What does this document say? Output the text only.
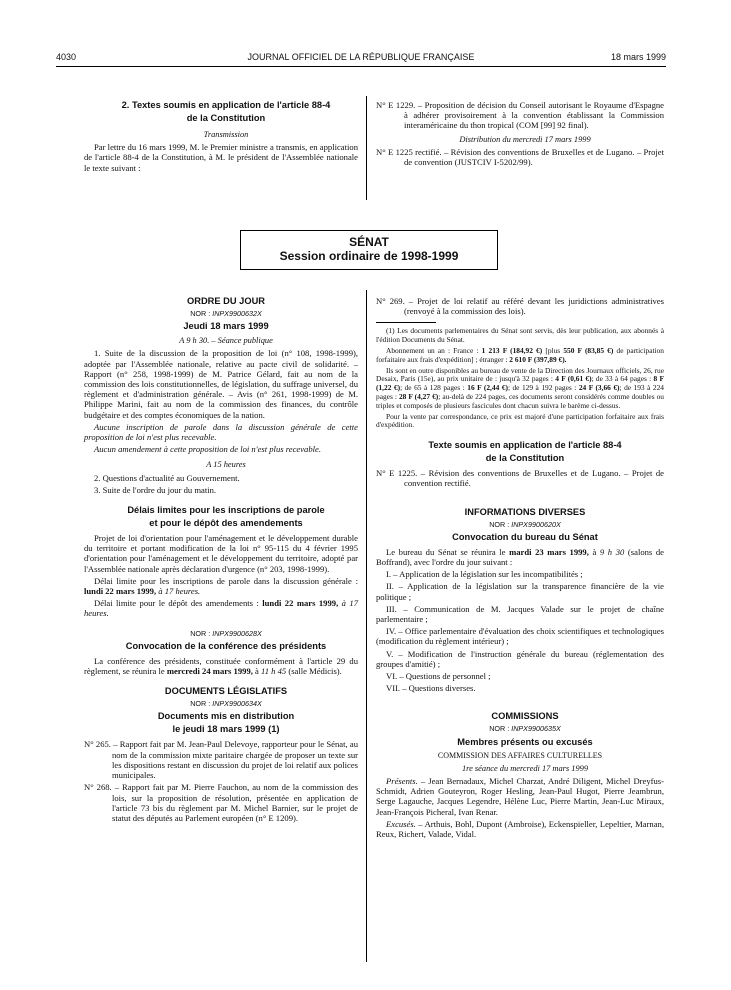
4030	JOURNAL OFFICIEL DE LA RÉPUBLIQUE FRANÇAISE	18 mars 1999

2. Textes soumis en application de l'article 88-4

de la Constitution

Transmission

Par lettre du 16 mars 1999, M. le Premier ministre a transmis, en application de l'article 88-4 de la Constitution, à M. le président de l'Assemblée nationale le texte suivant :

N° E 1229. – Proposition de décision du Conseil autorisant le Royaume d'Espagne à adhérer provisoirement à la convention établissant la Commission interaméricaine du thon tropical (COM [99] 92 final).

Distribution du mercredi 17 mars 1999

N° E 1225 rectifié. – Révision des conventions de Bruxelles et de Lugano. – Projet de convention (JUSTCIV I-5202/99).

SÉNAT
Session ordinaire de 1998-1999

ORDRE DU JOUR

NOR : INPX9900632X

Jeudi 18 mars 1999

A 9 h 30. – Séance publique

1. Suite de la discussion de la proposition de loi (n° 108, 1998-1999), adoptée par l'Assemblée nationale, relative au pacte civil de solidarité. – Rapport (n° 258, 1998-1999) de M. Patrice Gélard, fait au nom de la commission des lois constitutionnelles, de législation, du suffrage universel, du règlement et d'administration générale. – Avis (n° 261, 1998-1999) de M. Philippe Marini, fait au nom de la commission des finances, du contrôle budgétaire et des comptes économiques de la nation.

Aucune inscription de parole dans la discussion générale de cette proposition de loi n'est plus recevable.

Aucun amendement à cette proposition de loi n'est plus recevable.

A 15 heures

2. Questions d'actualité au Gouvernement.

3. Suite de l'ordre du jour du matin.

Délais limites pour les inscriptions de parole

et pour le dépôt des amendements

Projet de loi d'orientation pour l'aménagement et le développement durable du territoire et portant modification de la loi n° 95-115 du 4 février 1995 d'orientation pour l'aménagement et le développement du territoire, adopté par l'Assemblée nationale après déclaration d'urgence (n° 203, 1998-1999).

Délai limite pour les inscriptions de parole dans la discussion générale : lundi 22 mars 1999, à 17 heures.

Délai limite pour le dépôt des amendements : lundi 22 mars 1999, à 17 heures.

NOR : INPX9900628X

Convocation de la conférence des présidents

La conférence des présidents, constituée conformément à l'article 29 du règlement, se réunira le mercredi 24 mars 1999, à 11 h 45 (salle Médicis).

DOCUMENTS LÉGISLATIFS

NOR : INPX9900634X

Documents mis en distribution

le jeudi 18 mars 1999 (1)

N° 265. – Rapport fait par M. Jean-Paul Delevoye, rapporteur pour le Sénat, au nom de la commission mixte paritaire chargée de proposer un texte sur les dispositions restant en discussion du projet de loi relatif aux polices municipales.

N° 268. – Rapport fait par M. Pierre Fauchon, au nom de la commission des lois, sur la proposition de résolution, présentée en application de l'article 73 bis du règlement par M. Michel Barnier, sur le projet de statut des députés au Parlement européen (n° E 1209).

N° 269. – Projet de loi relatif au référé devant les juridictions administratives (renvoyé à la commission des lois).

(1) Les documents parlementaires du Sénat sont servis, dès leur publication, aux abonnés à l'édition Documents du Sénat.

Abonnement un an : France : 1 213 F (184,92 €) [plus 550 F (83,85 €) de participation forfaitaire aux frais d'expédition] ; étranger : 2 610 F (397,89 €).

Ils sont en outre disponibles au bureau de vente de la Direction des Journaux officiels, 26, rue Desaix, Paris (15e), au prix unitaire de : jusqu'à 32 pages : 4 F (0,61 €); de 33 à 64 pages : 8 F (1,22 €); de 65 à 128 pages : 16 F (2,44 €); de 129 à 192 pages : 24 F (3,66 €); de 193 à 224 pages : 28 F (4,27 €); au-delà de 224 pages, ces documents seront considérés comme doubles ou triples et composés de plusieurs fascicules dont chacun suivra le barème ci-dessus.

Pour la vente par correspondance, ce prix est majoré d'une participation forfaitaire aux frais d'expédition.

Texte soumis en application de l'article 88-4

de la Constitution

N° E 1225. – Révision des conventions de Bruxelles et de Lugano. – Projet de convention rectifié.

INFORMATIONS DIVERSES

NOR : INPX9900620X

Convocation du bureau du Sénat

Le bureau du Sénat se réunira le mardi 23 mars 1999, à 9 h 30 (salons de Boffrand), avec l'ordre du jour suivant :

I. – Application de la législation sur les incompatibilités ;

II. – Application de la législation sur la transparence financière de la vie politique ;

III. – Communication de M. Jacques Valade sur le projet de chaîne parlementaire ;

IV. – Office parlementaire d'évaluation des choix scientifiques et technologiques (modification du règlement intérieur) ;

V. – Modification de l'instruction générale du bureau (réglementation des groupes d'amitié) ;

VI. – Questions de personnel ;

VII. – Questions diverses.

COMMISSIONS

NOR : INPX9900635X

Membres présents ou excusés

COMMISSION DES AFFAIRES CULTURELLES

1re séance du mercredi 17 mars 1999

Présents. – Jean Bernadaux, Michel Charzat, André Diligent, Michel Dreyfus-Schmidt, Adrien Gouteyron, Roger Hesling, Jean-Paul Hugot, Pierre Jeambrun, Serge Lagauche, Jacques Legendre, Hélène Luc, Pierre Martin, Jean-Luc Miraux, Jean-François Picheral, Ivan Renar.

Excusés. – Arthuis, Bohl, Dupont (Ambroise), Eckenspieller, Lepeltier, Marnan, Reux, Richert, Valade, Vidal.
